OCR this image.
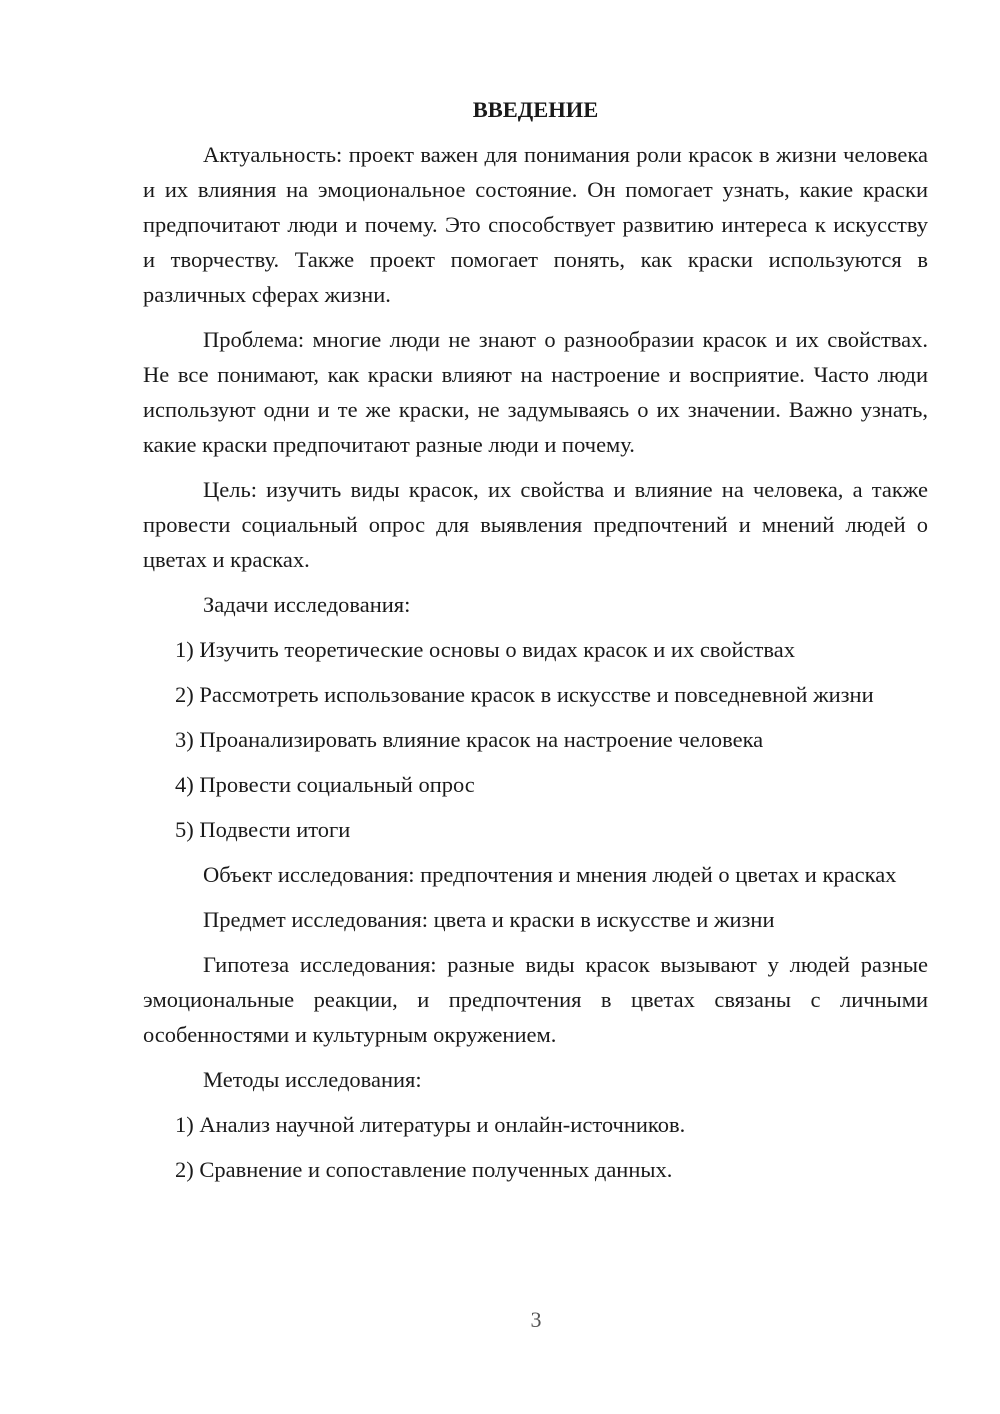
ВВЕДЕНИЕ

Актуальность: проект важен для понимания роли красок в жизни человека и их влияния на эмоциональное состояние. Он помогает узнать, какие краски предпочитают люди и почему. Это способствует развитию интереса к искусству и творчеству. Также проект помогает понять, как краски используются в различных сферах жизни.

Проблема: многие люди не знают о разнообразии красок и их свойствах. Не все понимают, как краски влияют на настроение и восприятие. Часто люди используют одни и те же краски, не задумываясь о их значении. Важно узнать, какие краски предпочитают разные люди и почему.

Цель: изучить виды красок, их свойства и влияние на человека, а также провести социальный опрос для выявления предпочтений и мнений людей о цветах и красках.

Задачи исследования:

1) Изучить теоретические основы о видах красок и их свойствах

2) Рассмотреть использование красок в искусстве и повседневной жизни

3) Проанализировать влияние красок на настроение человека

4) Провести социальный опрос

5) Подвести итоги

Объект исследования: предпочтения и мнения людей о цветах и красках

Предмет исследования: цвета и краски в искусстве и жизни

Гипотеза исследования: разные виды красок вызывают у людей разные эмоциональные реакции, и предпочтения в цветах связаны с личными особенностями и культурным окружением.

Методы исследования:

1) Анализ научной литературы и онлайн-источников.

2) Сравнение и сопоставление полученных данных.

3
